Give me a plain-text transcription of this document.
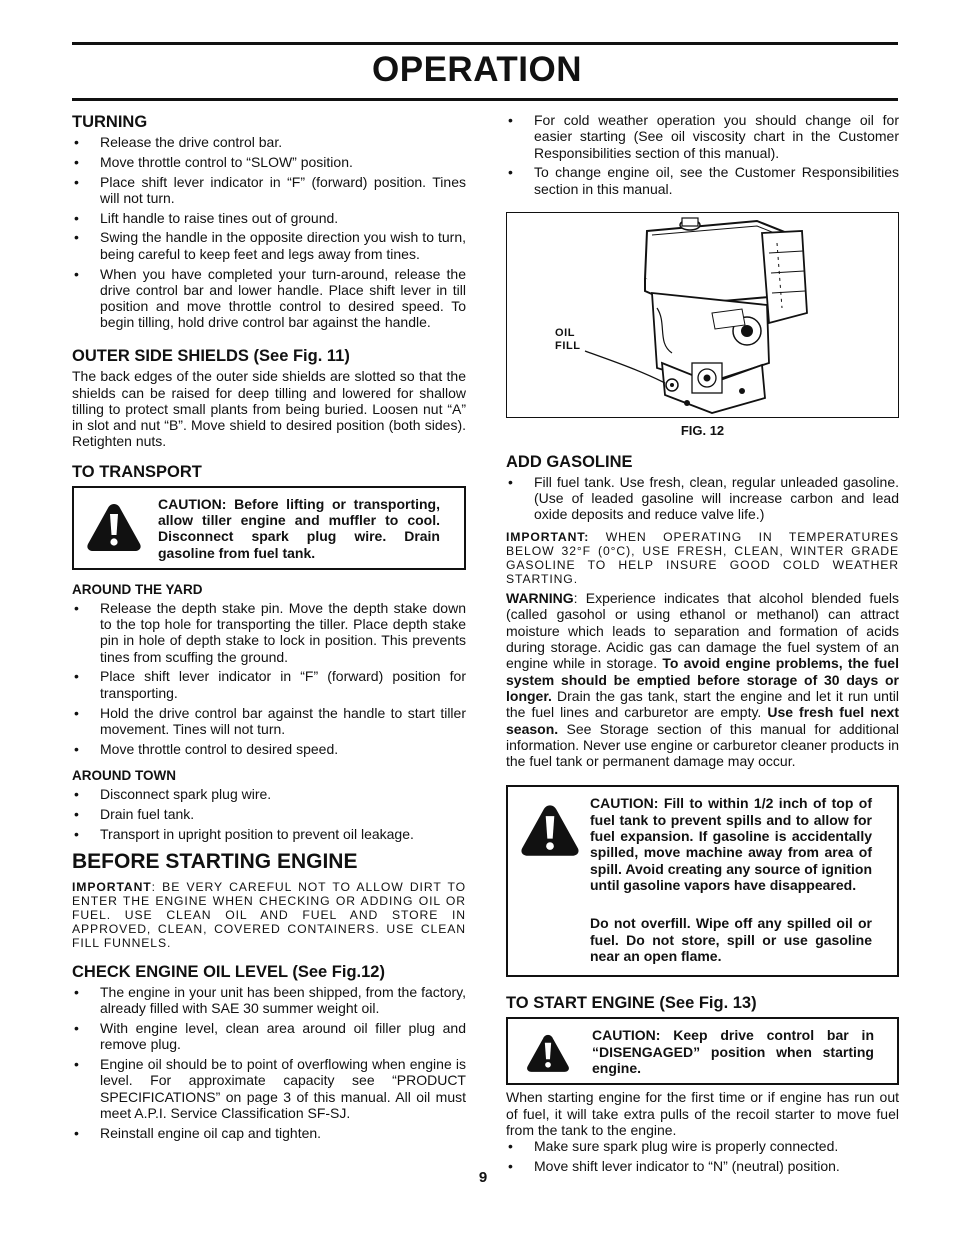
OPERATION
TURNING
• Release the drive control bar.
• Move throttle control to “SLOW” position.
• Place shift lever indicator in “F” (forward) position. Tines will not turn.
• Lift handle to raise tines out of ground.
• Swing the handle in the opposite direction you wish to turn, being careful to keep feet and legs away from tines.
• When you have completed your turn-around, release the drive control bar and lower handle. Place shift lever in till position and move throttle control to desired speed. To begin tilling, hold drive control bar against the handle.
OUTER SIDE SHIELDS (See Fig. 11)

The back edges of the outer side shields are slotted so that the shields can be raised for deep tilling and lowered for shallow tilling to protect small plants from being buried. Loosen nut “A” in slot and nut “B”. Move shield to desired position (both sides). Retighten nuts.

TO TRANSPORT
CAUTION: Before lifting or transporting, allow tiller engine and muffler to cool. Disconnect spark plug wire. Drain gasoline from fuel tank.
AROUND THE YARD
• Release the depth stake pin. Move the depth stake down to the top hole for transporting the tiller. Place depth stake pin in hole of depth stake to lock in position. This prevents tines from scuffing the ground.
• Place shift lever indicator in “F” (forward) position for transporting.
• Hold the drive control bar against the handle to start tiller movement. Tines will not turn.
• Move throttle control to desired speed.
AROUND TOWN
• Disconnect spark plug wire.
• Drain fuel tank.
• Transport in upright position to prevent oil leakage.
BEFORE STARTING ENGINE

IMPORTANT: BE VERY CAREFUL NOT TO ALLOW DIRT TO ENTER THE ENGINE WHEN CHECKING OR ADDING OIL OR FUEL. USE CLEAN OIL AND FUEL AND STORE IN APPROVED, CLEAN, COVERED CONTAINERS. USE CLEAN FILL FUNNELS.

CHECK ENGINE OIL LEVEL (See Fig.12)
• The engine in your unit has been shipped, from the factory, already filled with SAE 30 summer weight oil.
• With engine level, clean area around oil filler plug and remove plug.
• Engine oil should be to point of overflowing when engine is level. For approximate capacity see “PRODUCT SPECIFICATIONS” on page 3 of this manual. All oil must meet A.P.I. Service Classification SF-SJ.
• Reinstall engine oil cap and tighten.
• For cold weather operation you should change oil for easier starting (See oil viscosity chart in the Customer Responsibilities section of this manual).
• To change engine oil, see the Customer Responsibilities section in this manual.
OIL
FILL
FIG. 12
ADD GASOLINE
• Fill fuel tank. Use fresh, clean, regular unleaded gasoline. (Use of leaded gasoline will increase carbon and lead oxide deposits and reduce valve life.)

IMPORTANT: WHEN OPERATING IN TEMPERATURES BELOW 32°F (0°C), USE FRESH, CLEAN, WINTER GRADE GASOLINE TO HELP INSURE GOOD COLD WEATHER STARTING.

WARNING: Experience indicates that alcohol blended fuels (called gasohol or using ethanol or methanol) can attract moisture which leads to separation and formation of acids during storage. Acidic gas can damage the fuel system of an engine while in storage. To avoid engine problems, the fuel system should be emptied before storage of 30 days or longer. Drain the gas tank, start the engine and let it run until the fuel lines and carburetor are empty. Use fresh fuel next season. See Storage section of this manual for additional information. Never use engine or carburetor cleaner products in the fuel tank or permanent damage may occur.

CAUTION: Fill to within 1/2 inch of top of fuel tank to prevent spills and to allow for fuel expansion. If gasoline is accidentally spilled, move machine away from area of spill. Avoid creating any source of ignition until gasoline vapors have disappeared.
Do not overfill. Wipe off any spilled oil or fuel. Do not store, spill or use gasoline near an open flame.
TO START ENGINE (See Fig. 13)
CAUTION: Keep drive control bar in “DISENGAGED” position when starting engine.

When starting engine for the first time or if engine has run out of fuel, it will take extra pulls of the recoil starter to move fuel from the tank to the engine.

• Make sure spark plug wire is properly connected.
• Move shift lever indicator to “N” (neutral) position.
9
